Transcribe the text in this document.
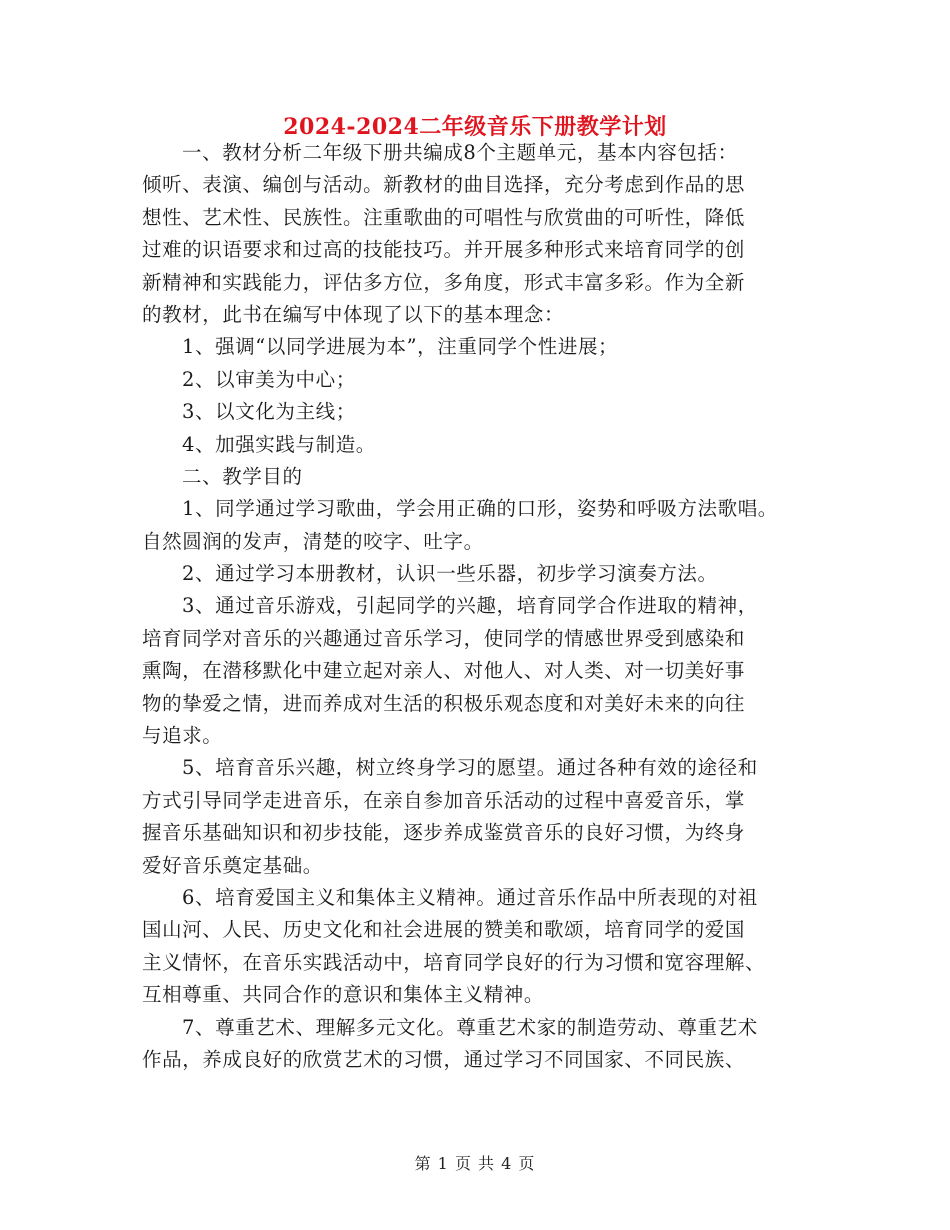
2024-2024二年级音乐下册教学计划
一、教材分析二年级下册共编成8个主题单元，基本内容包括：
倾听、表演、编创与活动。新教材的曲目选择，充分考虑到作品的思
想性、艺术性、民族性。注重歌曲的可唱性与欣赏曲的可听性，降低
过难的识语要求和过高的技能技巧。并开展多种形式来培育同学的创
新精神和实践能力，评估多方位，多角度，形式丰富多彩。作为全新
的教材，此书在编写中体现了以下的基本理念：
1、强调“以同学进展为本”，注重同学个性进展；
2、以审美为中心；
3、以文化为主线；
4、加强实践与制造。
二、教学目的
1、同学通过学习歌曲，学会用正确的口形，姿势和呼吸方法歌唱。
自然圆润的发声，清楚的咬字、吐字。
2、通过学习本册教材，认识一些乐器，初步学习演奏方法。
3、通过音乐游戏，引起同学的兴趣，培育同学合作进取的精神，
培育同学对音乐的兴趣通过音乐学习，使同学的情感世界受到感染和
熏陶，在潜移默化中建立起对亲人、对他人、对人类、对一切美好事
物的挚爱之情，进而养成对生活的积极乐观态度和对美好未来的向往
与追求。
5、培育音乐兴趣，树立终身学习的愿望。通过各种有效的途径和
方式引导同学走进音乐，在亲自参加音乐活动的过程中喜爱音乐，掌
握音乐基础知识和初步技能，逐步养成鉴赏音乐的良好习惯，为终身
爱好音乐奠定基础。
6、培育爱国主义和集体主义精神。通过音乐作品中所表现的对祖
国山河、人民、历史文化和社会进展的赞美和歌颂，培育同学的爱国
主义情怀，在音乐实践活动中，培育同学良好的行为习惯和宽容理解、
互相尊重、共同合作的意识和集体主义精神。
7、尊重艺术、理解多元文化。尊重艺术家的制造劳动、尊重艺术
作品，养成良好的欣赏艺术的习惯，通过学习不同国家、不同民族、
第 1 页 共 4 页
